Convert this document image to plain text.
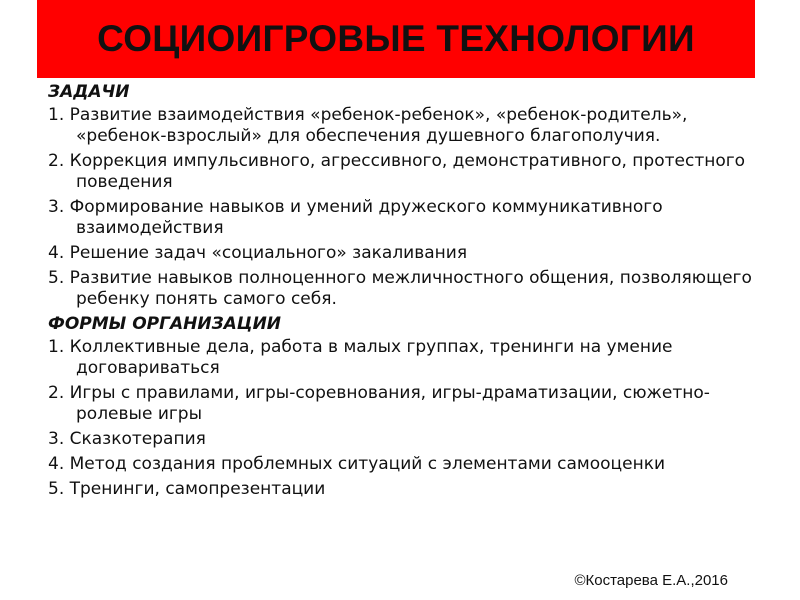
СОЦИОИГРОВЫЕ ТЕХНОЛОГИИ
ЗАДАЧИ
1. Развитие взаимодействия «ребенок-ребенок», «ребенок-родитель», «ребенок-взрослый» для обеспечения душевного благополучия.
2. Коррекция импульсивного, агрессивного, демонстративного, протестного поведения
3. Формирование навыков и умений дружеского коммуникативного взаимодействия
4. Решение задач «социального» закаливания
5. Развитие навыков полноценного межличностного общения, позволяющего ребенку понять самого себя.
ФОРМЫ ОРГАНИЗАЦИИ
1. Коллективные дела, работа в малых группах, тренинги на умение договариваться
2. Игры с правилами, игры-соревнования, игры-драматизации, сюжетно-ролевые игры
3. Сказкотерапия
4. Метод создания проблемных ситуаций с элементами самооценки
5. Тренинги, самопрезентации
©Костарева Е.А.,2016
